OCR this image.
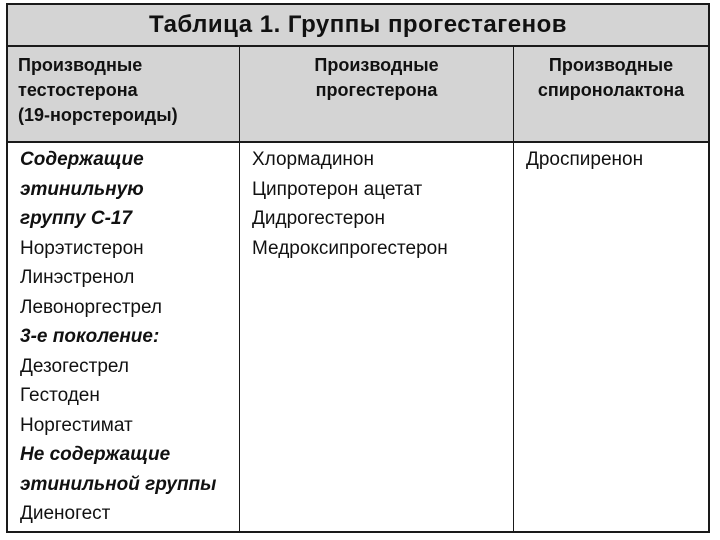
Таблица 1. Группы прогестагенов
Производные
тестостерона
(19-норстероиды)
Производные
прогестерона
Производные
спиронолактона
Содержащие
этинильную
группу С-17
Норэтистерон
Линэстренол
Левоноргестрел
3-е поколение:
Дезогестрел
Гестоден
Норгестимат
Не содержащие
этинильной группы
Диеногест
Хлормадинон
Ципротерон ацетат
Дидрогестерон
Медроксипрогестерон
Дроспиренон
